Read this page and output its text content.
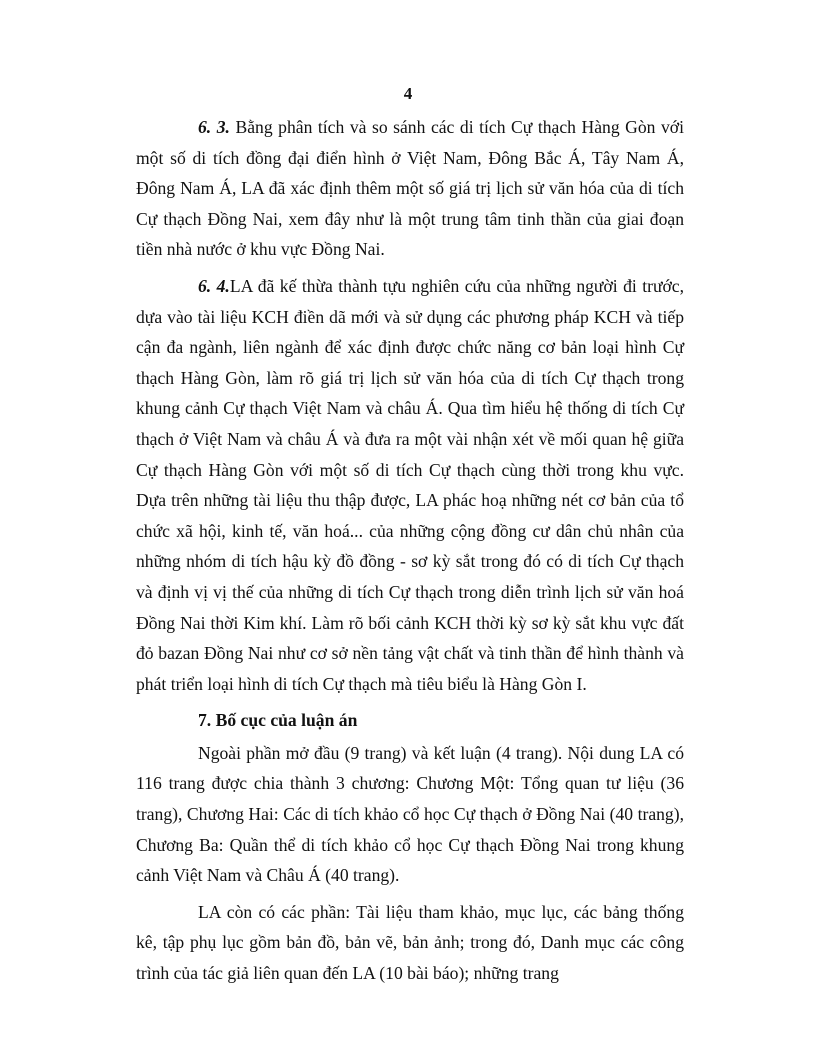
4

6. 3. Bằng phân tích và so sánh các di tích Cự thạch Hàng Gòn với một số di tích đồng đại điển hình ở Việt Nam, Đông Bắc Á, Tây Nam Á, Đông Nam Á, LA đã xác định thêm một số giá trị lịch sử văn hóa của di tích Cự thạch Đồng Nai, xem đây như là một trung tâm tinh thần của giai đoạn tiền nhà nước ở khu vực Đồng Nai.

6. 4.LA đã kế thừa thành tựu nghiên cứu của những người đi trước, dựa vào tài liệu KCH điền dã mới và sử dụng các phương pháp KCH và tiếp cận đa ngành, liên ngành để xác định được chức năng cơ bản loại hình Cự thạch Hàng Gòn, làm rõ giá trị lịch sử văn hóa của di tích Cự thạch trong khung cảnh Cự thạch Việt Nam và châu Á. Qua tìm hiểu hệ thống di tích Cự thạch ở Việt Nam và châu Á và đưa ra một vài nhận xét về mối quan hệ giữa Cự thạch Hàng Gòn với một số di tích Cự thạch cùng thời trong khu vực. Dựa trên những tài liệu thu thập được, LA phác hoạ những nét cơ bản của tổ chức xã hội, kinh tế, văn hoá... của những cộng đồng cư dân chủ nhân của những nhóm di tích hậu kỳ đồ đồng - sơ kỳ sắt trong đó có di tích Cự thạch và định vị vị thế của những di tích Cự thạch trong diễn trình lịch sử văn hoá Đồng Nai thời Kim khí. Làm rõ bối cảnh KCH thời kỳ sơ kỳ sắt khu vực đất đỏ bazan Đồng Nai như cơ sở nền tảng vật chất và tinh thần để hình thành và phát triển loại hình di tích Cự thạch mà tiêu biểu là Hàng Gòn I.

7. Bố cục của luận án

Ngoài phần mở đầu (9 trang) và kết luận (4 trang). Nội dung LA có 116 trang được chia thành 3 chương: Chương Một: Tổng quan tư liệu (36 trang), Chương Hai: Các di tích khảo cổ học Cự thạch ở Đồng Nai (40 trang), Chương Ba: Quần thể di tích khảo cổ học Cự thạch Đồng Nai trong khung cảnh Việt Nam và Châu Á (40 trang).

LA còn có các phần: Tài liệu tham khảo, mục lục, các bảng thống kê, tập phụ lục gồm bản đồ, bản vẽ, bản ảnh; trong đó, Danh mục các công trình của tác giả liên quan đến LA (10 bài báo); những trang
